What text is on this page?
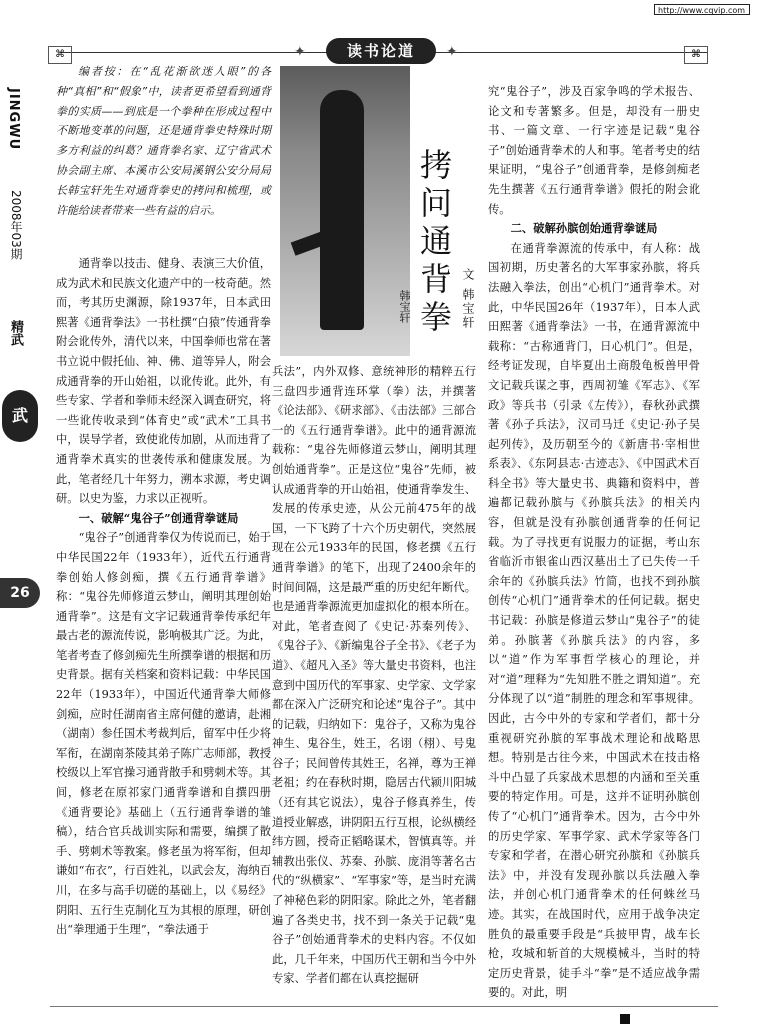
http://www.cqvip.com
⌘	✦	读书论道	✦	⌘
JINGWU
2008年03期
精武
武
26
韩宝轩 拷问通背拳 文 韩宝轩

编者按：在“乱花渐欲迷人眼”的各种“真相”和“假象”中，读者更希望看到通背拳的实质——到底是一个拳种在形成过程中不断地变革的问题，还是通背拳史特殊时期多方利益的纠葛？通背拳名家、辽宁省武术协会副主席、本溪市公安局溪钢公安分局局长韩宝轩先生对通背拳史的拷问和梳理，或许能给读者带来一些有益的启示。

通背拳以技击、健身、表演三大价值，成为武术和民族文化遗产中的一枝奇葩。然而，考其历史渊源，除1937年，日本武田熙著《通背拳法》一书杜撰“白猿”传通背拳附会讹传外，清代以来，中国拳师也常在著书立说中假托仙、神、佛、道等异人，附会成通背拳的开山始祖，以讹传讹。此外，有些专家、学者和拳师未经深入调查研究，将一些讹传收录到“体育史”或“武术”工具书中，误导学者，致使讹传加剧，从而违背了通背拳术真实的世袭传承和健康发展。为此，笔者经几十年努力，溯本求源，考史调研。以史为鉴，力求以正视听。

一、破解“鬼谷子”创通背拳谜局

“鬼谷子”创通背拳仅为传说而已，始于中华民国22年（1933年），近代五行通背拳创始人修剑痴，撰《五行通背拳谱》称：“鬼谷先师修道云梦山，阐明其理创始通背拳”。这是有文字记载通背拳传承纪年最古老的源流传说，影响极其广泛。为此，笔者考查了修剑痴先生所撰拳谱的根据和历史背景。据有关档案和资料记载：中华民国22年（1933年），中国近代通背拳大师修剑痴，应时任湖南省主席何健的邀请，赴湘（湖南）参任国术考裁判后，留军中任少将军衔，在湖南茶陵其弟子陈广志师部，教授校级以上军官操习通背散手和劈刺术等。其间，修老在原祁家门通背拳谱和自撰四册《通背要论》基础上（五行通背拳谱的雏稿），结合官兵战训实际和需要，编撰了散手、劈刺术等教案。修老虽为将军衔，但却谦如“布衣”，行百姓礼，以武会友，海纳百川，在多与高手切磋的基础上，以《易经》阴阳、五行生克制化互为其根的原理，研创出“拳理通于生理”，“拳法通于

兵法”，内外双修、意统神形的精粹五行三盘四步通背连环掌（拳）法，并撰著《论法部》、《研求部》、《击法部》三部合一的《五行通背拳谱》。此中的通背源流载称：“鬼谷先师修道云梦山，阐明其理创始通背拳”。正是这位“鬼谷”先师，被认成通背拳的开山始祖，使通背拳发生、发展的传承史迹，从公元前475年的战国，一下飞跨了十六个历史朝代，突然展现在公元1933年的民国，修老撰《五行通背拳谱》的笔下，出现了2400余年的时间间隔，这是最严重的历史纪年断代。也是通背拳源流更加虚拟化的根本所在。对此，笔者查阅了《史记·苏秦列传》、《鬼谷子》、《新编鬼谷子全书》、《老子为道》、《超凡入圣》等大量史书资料，也注意到中国历代的军事家、史学家、文学家都在深入广泛研究和论述“鬼谷子”。其中的记载，归纳如下：鬼谷子，又称为鬼谷神生、鬼谷生，姓王，名诩（栩）、号鬼谷子；民间曾传其姓王，名禅，尊为王禅老祖；约在春秋时期，隐居古代颍川阳城（还有其它说法），鬼谷子修真养生，传道授业解惑，讲阴阳五行互根，论纵横经纬方圆，授奇正韬略谋术，智慎真等。并辅教出张仪、苏秦、孙膑、庞涓等著名古代的“纵横家”、“军事家”等，是当时充满了神秘色彩的阴阳家。除此之外，笔者翻遍了各类史书，找不到一条关于记载“鬼谷子”创始通背拳术的史料内容。不仅如此，几千年来，中国历代王朝和当今中外专家、学者们都在认真挖掘研

究“鬼谷子”，涉及百家争鸣的学术报告、论文和专著繁多。但是，却没有一册史书、一篇文章、一行字迹是记载“鬼谷子”创始通背拳术的人和事。笔者考史的结果证明，“鬼谷子”创通背拳，是修剑痴老先生撰著《五行通背拳谱》假托的附会讹传。

二、破解孙膑创始通背拳谜局

在通背拳源流的传承中，有人称：战国初期，历史著名的大军事家孙膑，将兵法融入拳法，创出“心机门”通背拳术。对此，中华民国26年（1937年），日本人武田熙著《通背拳法》一书，在通背源流中载称：“古称通背门，日心机门”。但是，经考证发现，自毕夏出土商殷龟板兽甲骨文记载兵谋之事，西周初雏《军志》、《军政》等兵书（引录《左传》），春秋孙武撰著《孙子兵法》，汉司马迁《史记·孙子吴起列传》，及历朝至今的《新唐书·宰相世系表》、《东阿县志·古迹志》、《中国武术百科全书》等大量史书、典籍和资料中，普遍都记载孙膑与《孙膑兵法》的相关内容，但就是没有孙膑创通背拳的任何记载。为了寻找更有说服力的证据，考山东省临沂市银雀山西汉墓出土了已失传一千余年的《孙膑兵法》竹简，也找不到孙膑创传“心机门”通背拳术的任何记载。据史书记载：孙膑是修道云梦山“鬼谷子”的徒弟。孙膑著《孙膑兵法》的内容，多以“道”作为军事哲学核心的理论，并对“道”理释为“先知胜不胜之谓知道”。充分体现了以“道”制胜的理念和军事规律。因此，古今中外的专家和学者们，都十分重视研究孙膑的军事战术理论和战略思想。特别是古往今来，中国武术在技击格斗中凸显了兵家战术思想的内涵和至关重要的特定作用。可是，这并不证明孙膑创传了“心机门”通背拳术。因为，古今中外的历史学家、军事学家、武术学家等各门专家和学者，在潜心研究孙膑和《孙膑兵法》中，并没有发现孙膑以兵法融入拳法，并创心机门通背拳术的任何蛛丝马迹。其实，在战国时代，应用于战争决定胜负的最重要手段是“兵披甲胄，战车长枪，攻城和斩首的大规模械斗，当时的特定历史背景，徒手斗“拳”是不适应战争需要的。对此，明
